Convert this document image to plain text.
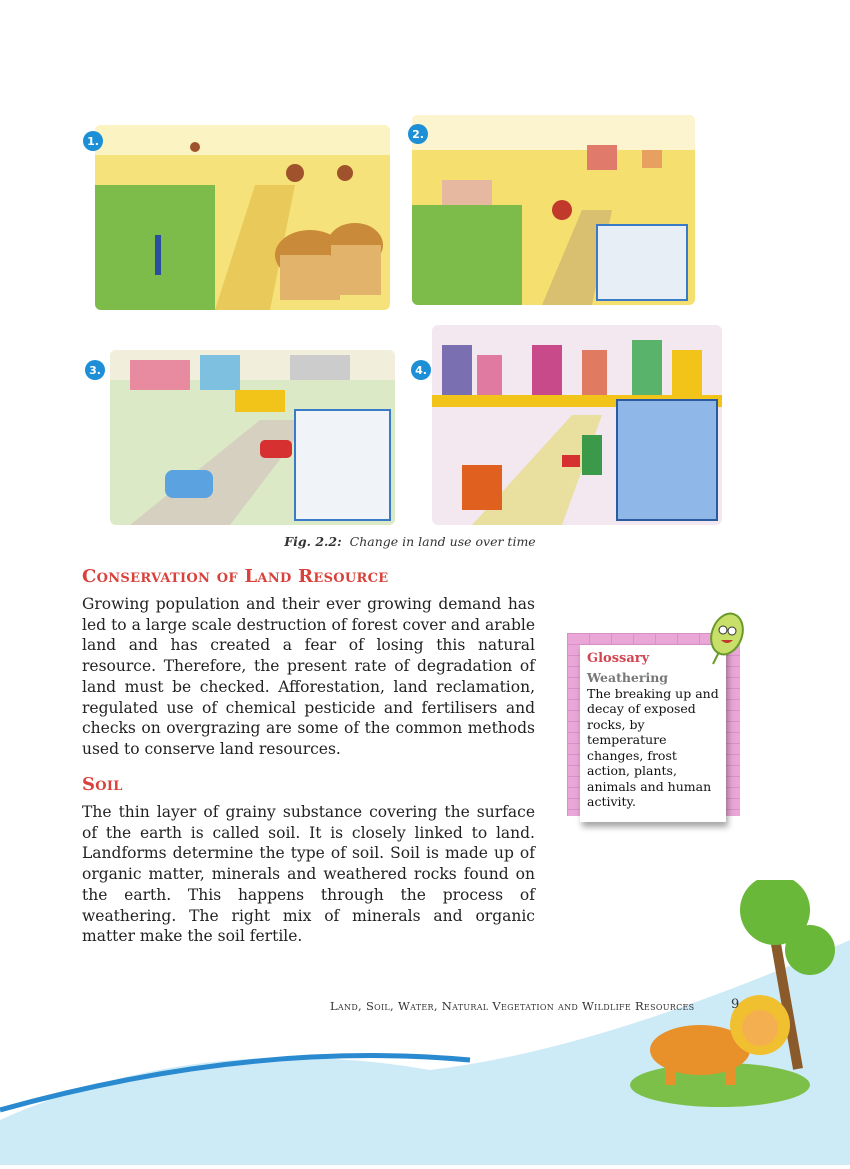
1.
2.
3.	4.
Fig. 2.2: Change in land use over time
Conservation of Land Resource
Growing population and their ever growing demand has led to a large scale destruction of forest cover and arable land and has created a fear of losing this natural resource. Therefore, the present rate of degradation of land must be checked. Afforestation, land reclamation, regulated use of chemical pesticide and fertilisers and checks on overgrazing are some of the common methods used to conserve land resources.
Soil
The thin layer of grainy substance covering the surface of the earth is called soil. It is closely linked to land. Landforms determine the type of soil. Soil is made up of organic matter, minerals and weathered rocks found on the earth. This happens through the process of weathering. The right mix of minerals and organic matter make the soil fertile.
Glossary
Weathering
The breaking up and decay of exposed rocks, by temperature changes, frost action, plants, animals and human activity.
Land, Soil, Water, Natural Vegetation and Wildlife Resources	9
